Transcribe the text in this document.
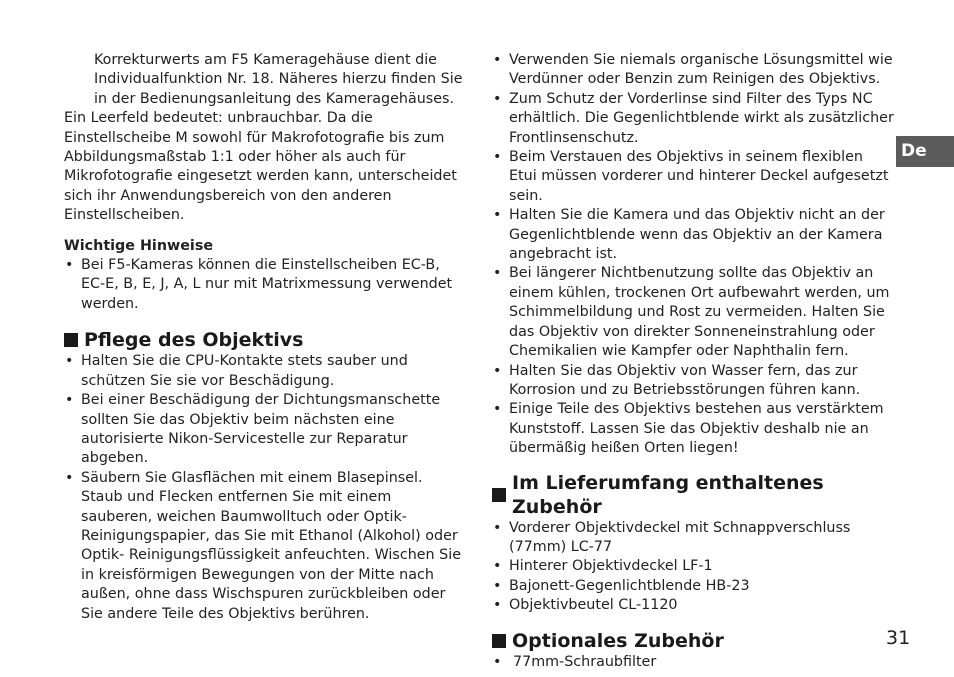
Korrekturwerts am F5 Kameragehäuse dient die Individualfunktion Nr. 18. Näheres hierzu finden Sie in der Bedienungsanleitung des Kameragehäuses.

Ein Leerfeld bedeutet: unbrauchbar. Da die Einstellscheibe M sowohl für Makrofotografie bis zum Abbildungsmaßstab 1:1 oder höher als auch für Mikrofotografie eingesetzt werden kann, unterscheidet sich ihr Anwendungsbereich von den anderen Einstellscheiben.

Wichtige Hinweise

• Bei F5-Kameras können die Einstellscheiben EC-B, EC-E, B, E, J, A, L nur mit Matrixmessung verwendet werden.
Pflege des Objektivs
• Halten Sie die CPU-Kontakte stets sauber und schützen Sie sie vor Beschädigung.
• Bei einer Beschädigung der Dichtungsmanschette sollten Sie das Objektiv beim nächsten eine autorisierte Nikon-Servicestelle zur Reparatur abgeben.
• Säubern Sie Glasflächen mit einem Blasepinsel. Staub und Flecken entfernen Sie mit einem sauberen, weichen Baumwolltuch oder Optik-Reinigungspapier, das Sie mit Ethanol (Alkohol) oder Optik- Reinigungsflüssigkeit anfeuchten. Wischen Sie in kreisförmigen Bewegungen von der Mitte nach außen, ohne dass Wischspuren zurückbleiben oder Sie andere Teile des Objektivs berühren.
• Verwenden Sie niemals organische Lösungsmittel wie Verdünner oder Benzin zum Reinigen des Objektivs.
• Zum Schutz der Vorderlinse sind Filter des Typs NC erhältlich. Die Gegenlichtblende wirkt als zusätzlicher Frontlinsenschutz.
• Beim Verstauen des Objektivs in seinem flexiblen Etui müssen vorderer und hinterer Deckel aufgesetzt sein.
• Halten Sie die Kamera und das Objektiv nicht an der Gegenlichtblende wenn das Objektiv an der Kamera angebracht ist.
• Bei längerer Nichtbenutzung sollte das Objektiv an einem kühlen, trockenen Ort aufbewahrt werden, um Schimmelbildung und Rost zu vermeiden. Halten Sie das Objektiv von direkter Sonneneinstrahlung oder Chemikalien wie Kampfer oder Naphthalin fern.
• Halten Sie das Objektiv von Wasser fern, das zur Korrosion und zu Betriebsstörungen führen kann.
• Einige Teile des Objektivs bestehen aus verstärktem Kunststoff. Lassen Sie das Objektiv deshalb nie an übermäßig heißen Orten liegen!
Im Lieferumfang enthaltenes Zubehör
• Vorderer Objektivdeckel mit Schnappverschluss (77mm) LC-77
• Hinterer Objektivdeckel LF-1
• Bajonett-Gegenlichtblende HB-23
• Objektivbeutel CL-1120
Optionales Zubehör
• 77mm-Schraubfilter
De
31
